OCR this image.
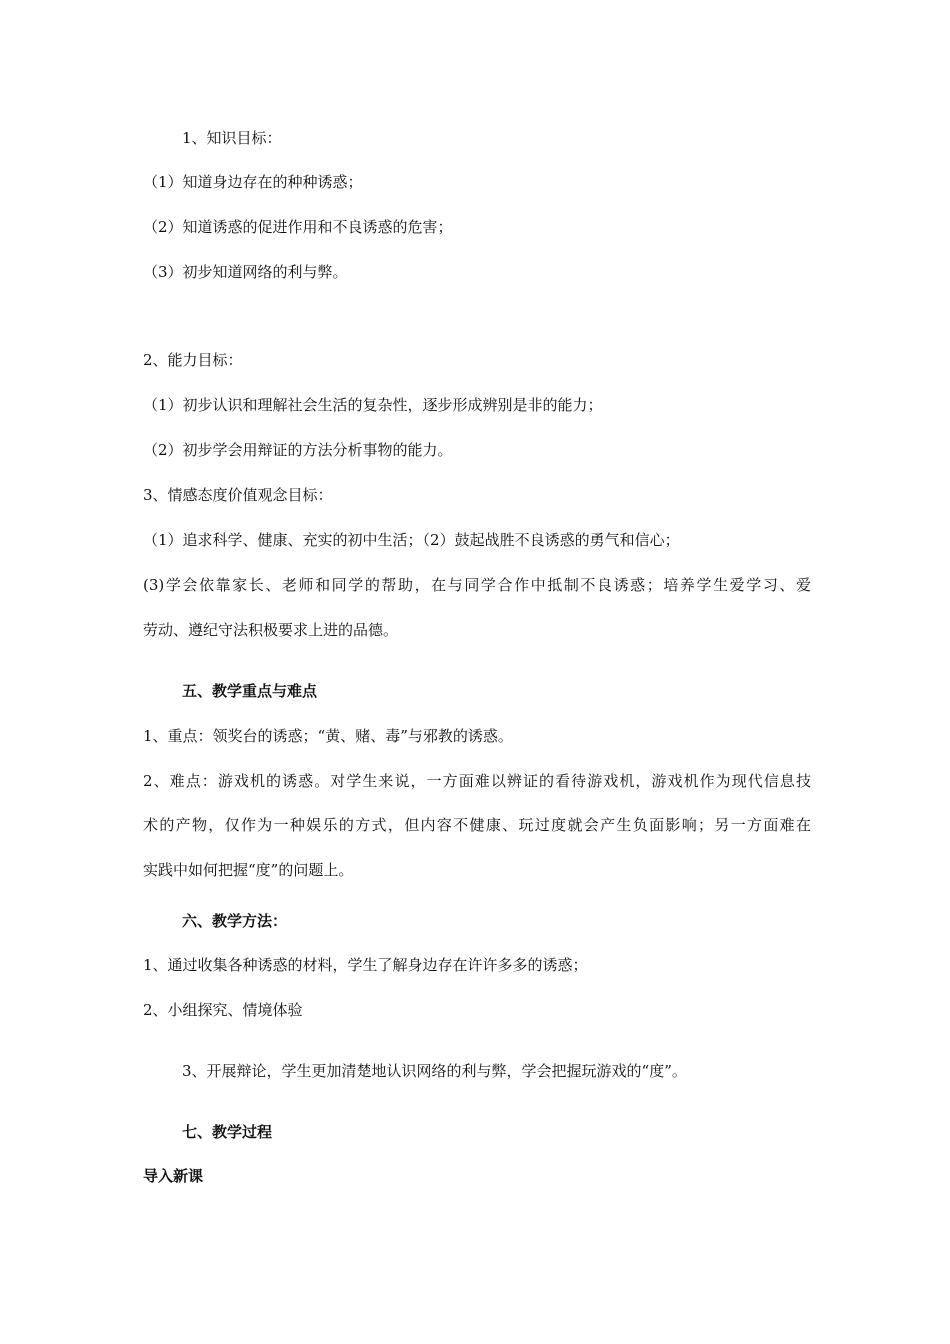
1、知识目标：
（1）知道身边存在的种种诱惑；
（2）知道诱惑的促进作用和不良诱惑的危害；
（3）初步知道网络的利与弊。
2、能力目标：
（1）初步认识和理解社会生活的复杂性，逐步形成辨别是非的能力；
（2）初步学会用辩证的方法分析事物的能力。
3、情感态度价值观念目标：
（1）追求科学、健康、充实的初中生活；（2）鼓起战胜不良诱惑的勇气和信心；
(3)学会依靠家长、老师和同学的帮助，在与同学合作中抵制不良诱惑；培养学生爱学习、爱
劳动、遵纪守法积极要求上进的品德。
五、教学重点与难点
1、重点：领奖台的诱惑；“黄、赌、毒”与邪教的诱惑。
2、难点：游戏机的诱惑。对学生来说，一方面难以辨证的看待游戏机，游戏机作为现代信息技
术的产物，仅作为一种娱乐的方式，但内容不健康、玩过度就会产生负面影响；另一方面难在
实践中如何把握“度”的问题上。
六、教学方法：
1、通过收集各种诱惑的材料，学生了解身边存在许许多多的诱惑；
2、小组探究、情境体验
3、开展辩论，学生更加清楚地认识网络的利与弊，学会把握玩游戏的“度”。
七、教学过程
导入新课
